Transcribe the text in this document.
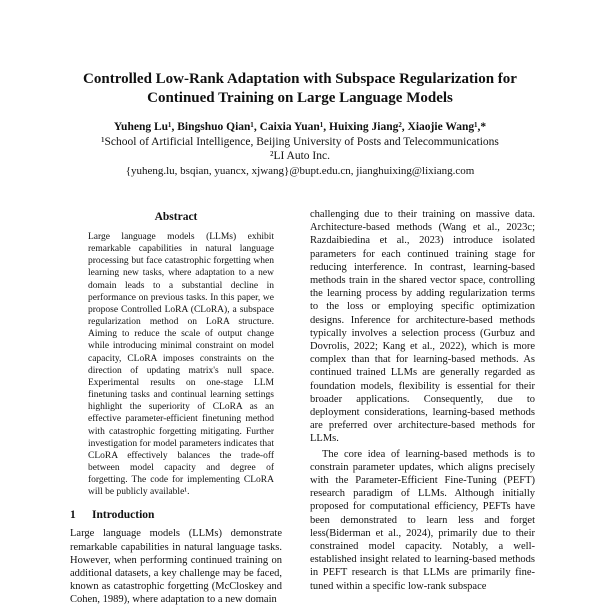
Controlled Low-Rank Adaptation with Subspace Regularization for
Continued Training on Large Language Models
Yuheng Lu¹, Bingshuo Qian¹, Caixia Yuan¹, Huixing Jiang², Xiaojie Wang¹,*
¹School of Artificial Intelligence, Beijing University of Posts and Telecommunications
²LI Auto Inc.
{yuheng.lu, bsqian, yuancx, xjwang}@bupt.edu.cn, jianghuixing@lixiang.com
Abstract

Large language models (LLMs) exhibit remarkable capabilities in natural language processing but face catastrophic forgetting when learning new tasks, where adaptation to a new domain leads to a substantial decline in performance on previous tasks. In this paper, we propose Controlled LoRA (CLoRA), a subspace regularization method on LoRA structure. Aiming to reduce the scale of output change while introducing minimal constraint on model capacity, CLoRA imposes constraints on the direction of updating matrix's null space. Experimental results on one-stage LLM finetuning tasks and continual learning settings highlight the superiority of CLoRA as an effective parameter-efficient finetuning method with catastrophic forgetting mitigating. Further investigation for model parameters indicates that CLoRA effectively balances the trade-off between model capacity and degree of forgetting. The code for implementing CLoRA will be publicly available¹.

1 Introduction

Large language models (LLMs) demonstrate remarkable capabilities in natural language tasks. However, when performing continued training on additional datasets, a key challenge may be faced, known as catastrophic forgetting (McCloskey and Cohen, 1989), where adaptation to a new domain

challenging due to their training on massive data. Architecture-based methods (Wang et al., 2023c; Razdaibiedina et al., 2023) introduce isolated parameters for each continued training stage for reducing interference. In contrast, learning-based methods train in the shared vector space, controlling the learning process by adding regularization terms to the loss or employing specific optimization designs. Inference for architecture-based methods typically involves a selection process (Gurbuz and Dovrolis, 2022; Kang et al., 2022), which is more complex than that for learning-based methods. As continued trained LLMs are generally regarded as foundation models, flexibility is essential for their broader applications. Consequently, due to deployment considerations, learning-based methods are preferred over architecture-based methods for LLMs.

The core idea of learning-based methods is to constrain parameter updates, which aligns precisely with the Parameter-Efficient Fine-Tuning (PEFT) research paradigm of LLMs. Although initially proposed for computational efficiency, PEFTs have been demonstrated to learn less and forget less(Biderman et al., 2024), primarily due to their constrained model capacity. Notably, a well-established insight related to learning-based methods in PEFT research is that LLMs are primarily fine-tuned within a specific low-rank subspace
